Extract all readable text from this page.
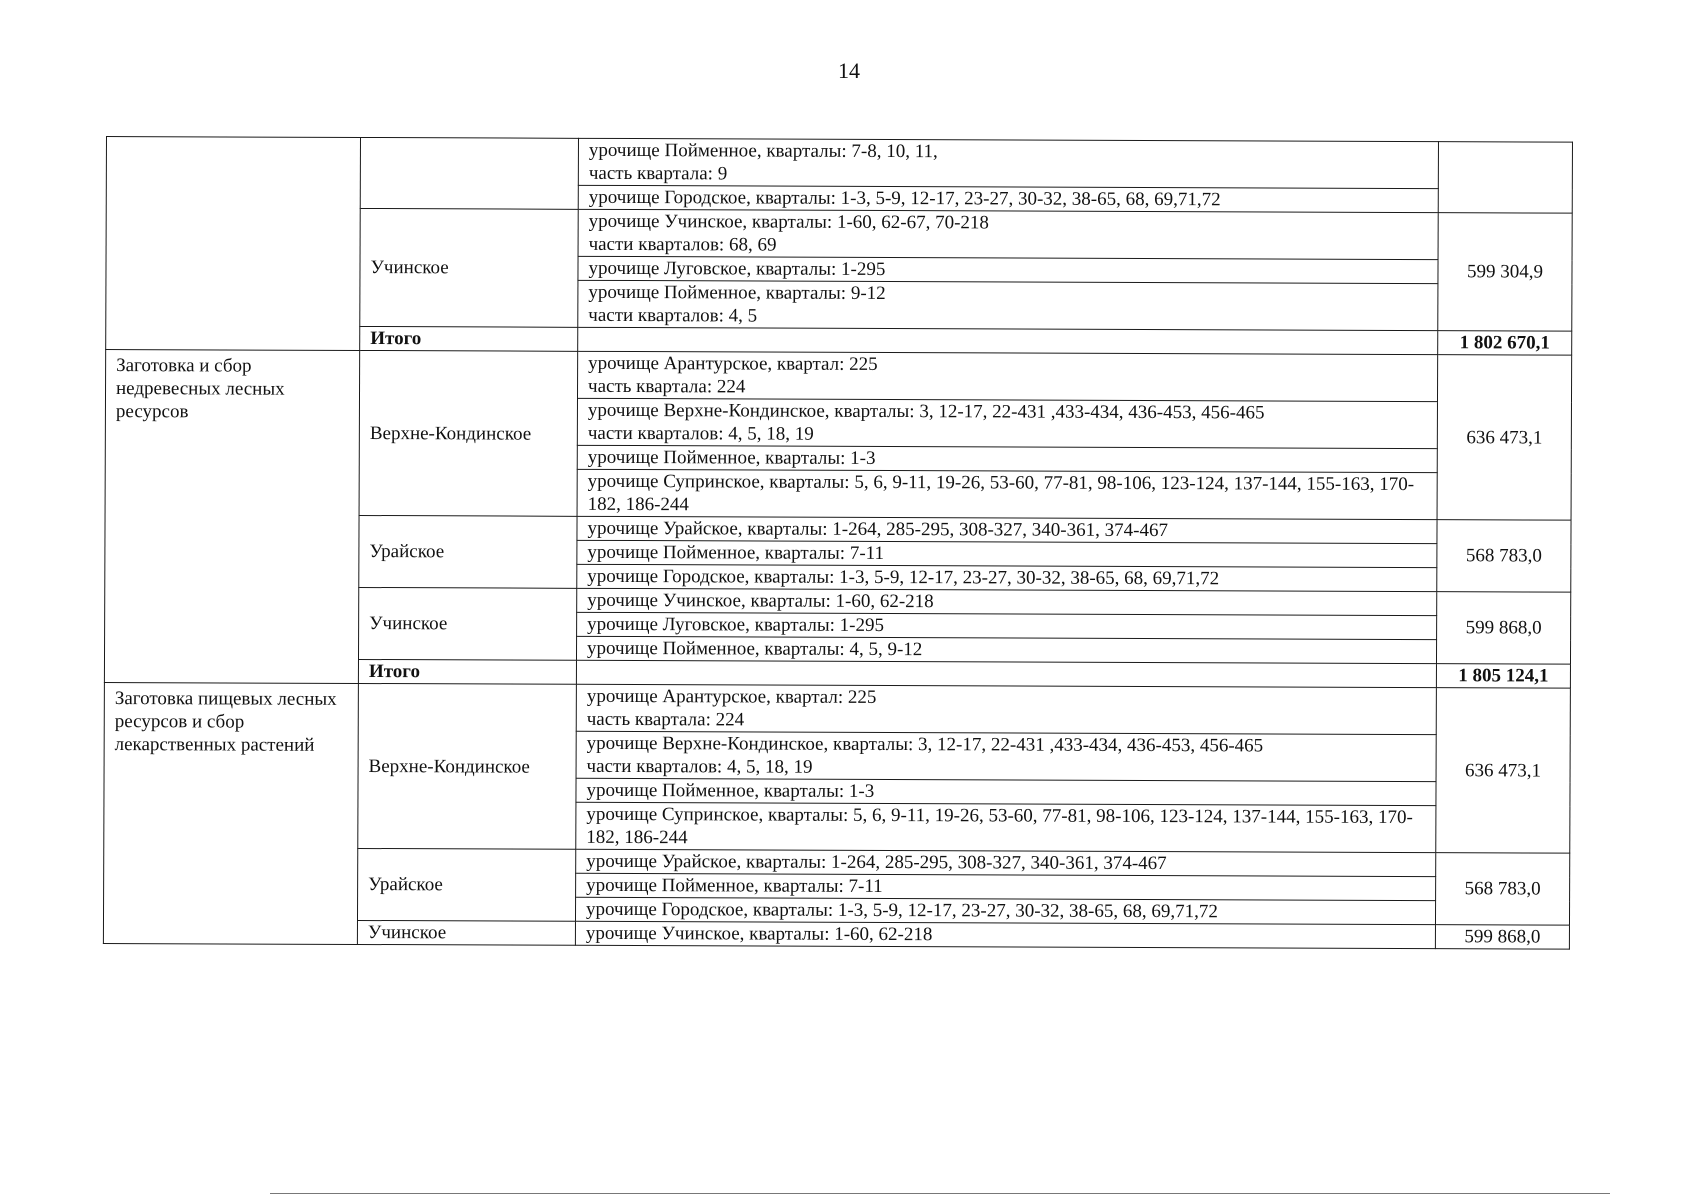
14

		урочище Пойменное, кварталы: 7-8, 10, 11,
часть квартала: 9	

		урочище Городское, кварталы: 1-3, 5-9, 12-17, 23-27, 30-32, 38-65, 68, 69,71,72	

	Учинское	урочище Учинское, кварталы: 1-60, 62-67, 70-218
части кварталов: 68, 69	599 304,9

		урочище Луговское, кварталы: 1-295	

		урочище Пойменное, кварталы: 9-12
части кварталов: 4, 5	

	Итого		1 802 670,1
Заготовка и сбор недревесных лесных ресурсов	Верхне-Кондинское	урочище Арантурское, квартал: 225
часть квартала: 224	636 473,1

		урочище Верхне-Кондинское, кварталы: 3, 12-17, 22-431 ,433-434, 436-453, 456-465
части кварталов: 4, 5, 18, 19	

		урочище Пойменное, кварталы: 1-3	

		урочище Супринское, кварталы: 5, 6, 9-11, 19-26, 53-60, 77-81, 98-106, 123-124, 137-144, 155-163, 170-182, 186-244	

	Урайское	урочище Урайское, кварталы: 1-264, 285-295, 308-327, 340-361, 374-467	568 783,0

		урочище Пойменное, кварталы: 7-11	

		урочище Городское, кварталы: 1-3, 5-9, 12-17, 23-27, 30-32, 38-65, 68, 69,71,72	

	Учинское	урочище Учинское, кварталы: 1-60, 62-218	599 868,0

		урочище Луговское, кварталы: 1-295	

		урочище Пойменное, кварталы: 4, 5, 9-12	

	Итого		1 805 124,1
Заготовка пищевых лесных ресурсов и сбор лекарственных растений	Верхне-Кондинское	урочище Арантурское, квартал: 225
часть квартала: 224	636 473,1

		урочище Верхне-Кондинское, кварталы: 3, 12-17, 22-431 ,433-434, 436-453, 456-465
части кварталов: 4, 5, 18, 19	

		урочище Пойменное, кварталы: 1-3	

		урочище Супринское, кварталы: 5, 6, 9-11, 19-26, 53-60, 77-81, 98-106, 123-124, 137-144, 155-163, 170-182, 186-244	

	Урайское	урочище Урайское, кварталы: 1-264, 285-295, 308-327, 340-361, 374-467	568 783,0

		урочище Пойменное, кварталы: 7-11	

		урочище Городское, кварталы: 1-3, 5-9, 12-17, 23-27, 30-32, 38-65, 68, 69,71,72	

	Учинское	урочище Учинское, кварталы: 1-60, 62-218	599 868,0
